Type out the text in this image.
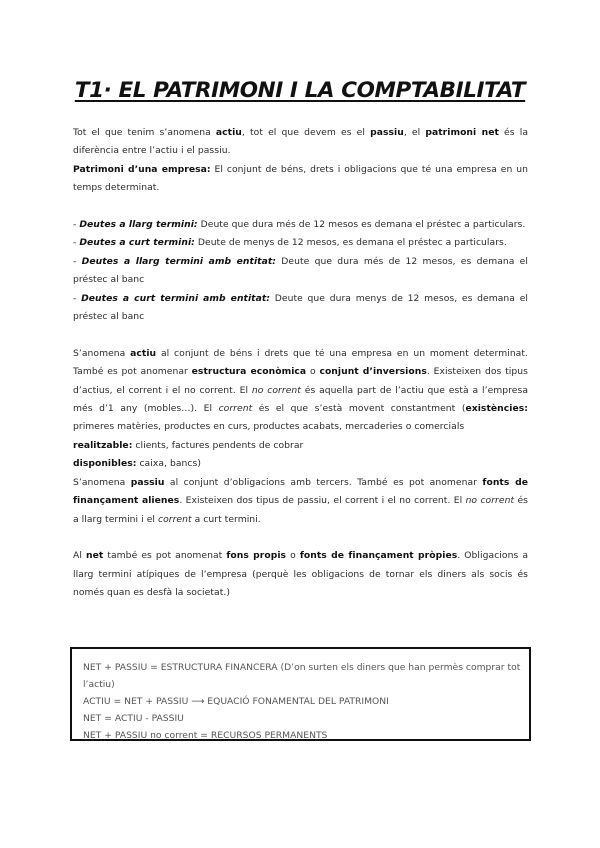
T1· EL PATRIMONI I LA COMPTABILITAT

Tot el que tenim s’anomena actiu, tot el que devem es el passiu, el patrimoni net és la diferència entre l’actiu i el passiu.

Patrimoni d’una empresa: El conjunt de béns, drets i obligacions que té una empresa en un temps determinat.

- Deutes a llarg termini: Deute que dura més de 12 mesos es demana el préstec a particulars.

- Deutes a curt termini: Deute de menys de 12 mesos, es demana el préstec a particulars.

- Deutes a llarg termini amb entitat: Deute que dura més de 12 mesos, es demana el préstec al banc

- Deutes a curt termini amb entitat: Deute que dura menys de 12 mesos, es demana el préstec al banc

S’anomena actiu al conjunt de béns i drets que té una empresa en un moment determinat. També es pot anomenar estructura econòmica o conjunt d’inversions. Existeixen dos tipus d’actius, el corrent i el no corrent. El no corrent és aquella part de l’actiu que està a l’empresa més d’1 any (mobles…). El corrent és el que s’està movent constantment (existències: primeres matèries, productes en curs, productes acabats, mercaderies o comercials

realitzable: clients, factures pendents de cobrar

disponibles: caixa, bancs)

S’anomena passiu al conjunt d’obligacions amb tercers. També es pot anomenar fonts de finançament alienes. Existeixen dos tipus de passiu, el corrent i el no corrent. El no corrent és a llarg termini i el corrent a curt termini.

Al net també es pot anomenat fons propis o fonts de finançament pròpies. Obligacions a llarg termini atípiques de l’empresa (perquè les obligacions de tornar els diners als socis és només quan es desfà la societat.)

NET + PASSIU = ESTRUCTURA FINANCERA (D’on surten els diners que han permès comprar tot l’actiu)

ACTIU = NET + PASSIU ⟶ EQUACIÓ FONAMENTAL DEL PATRIMONI

NET = ACTIU - PASSIU

NET + PASSIU no corrent = RECURSOS PERMANENTS
